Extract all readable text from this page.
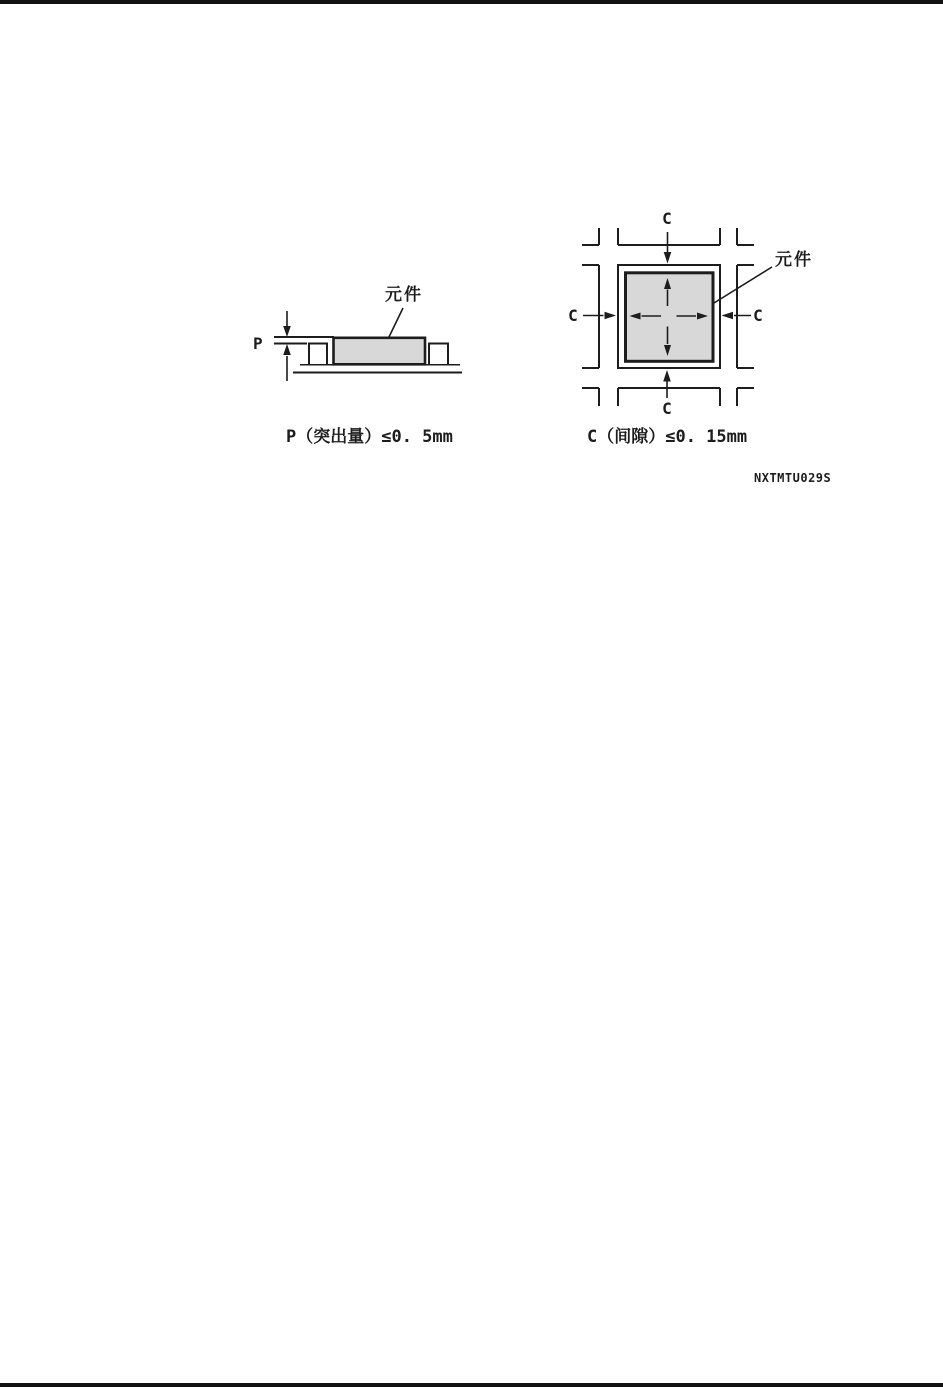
元件
P
P（突出量）≤0. 5mm
C
C
C	C
元件
C（间隙）≤0. 15mm
NXTMTU029S
